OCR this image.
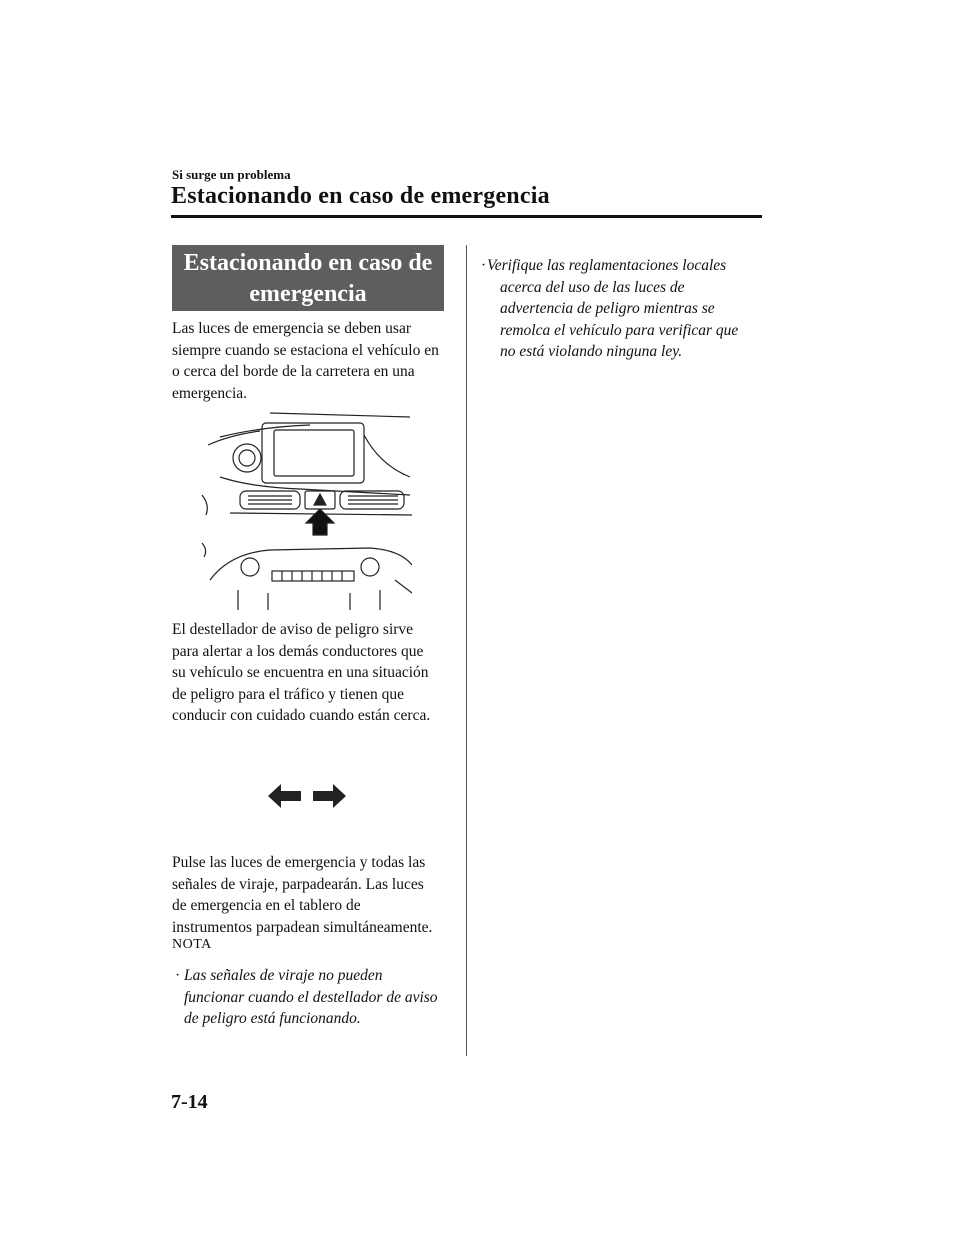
Si surge un problema
Estacionando en caso de emergencia
Estacionando en caso de
emergencia
Las luces de emergencia se deben usar
siempre cuando se estaciona el vehículo en
o cerca del borde de la carretera en una
emergencia.
El destellador de aviso de peligro sirve
para alertar a los demás conductores que
su vehículo se encuentra en una situación
de peligro para el tráfico y tienen que
conducir con cuidado cuando están cerca.
Pulse las luces de emergencia y todas las
señales de viraje, parpadearán. Las luces
de emergencia en el tablero de
instrumentos parpadean simultáneamente.
NOTA
· Las señales de viraje no pueden
funcionar cuando el destellador de aviso
de peligro está funcionando.
· Verifique las reglamentaciones locales
acerca del uso de las luces de
advertencia de peligro mientras se
remolca el vehículo para verificar que
no está violando ninguna ley.
7-14
